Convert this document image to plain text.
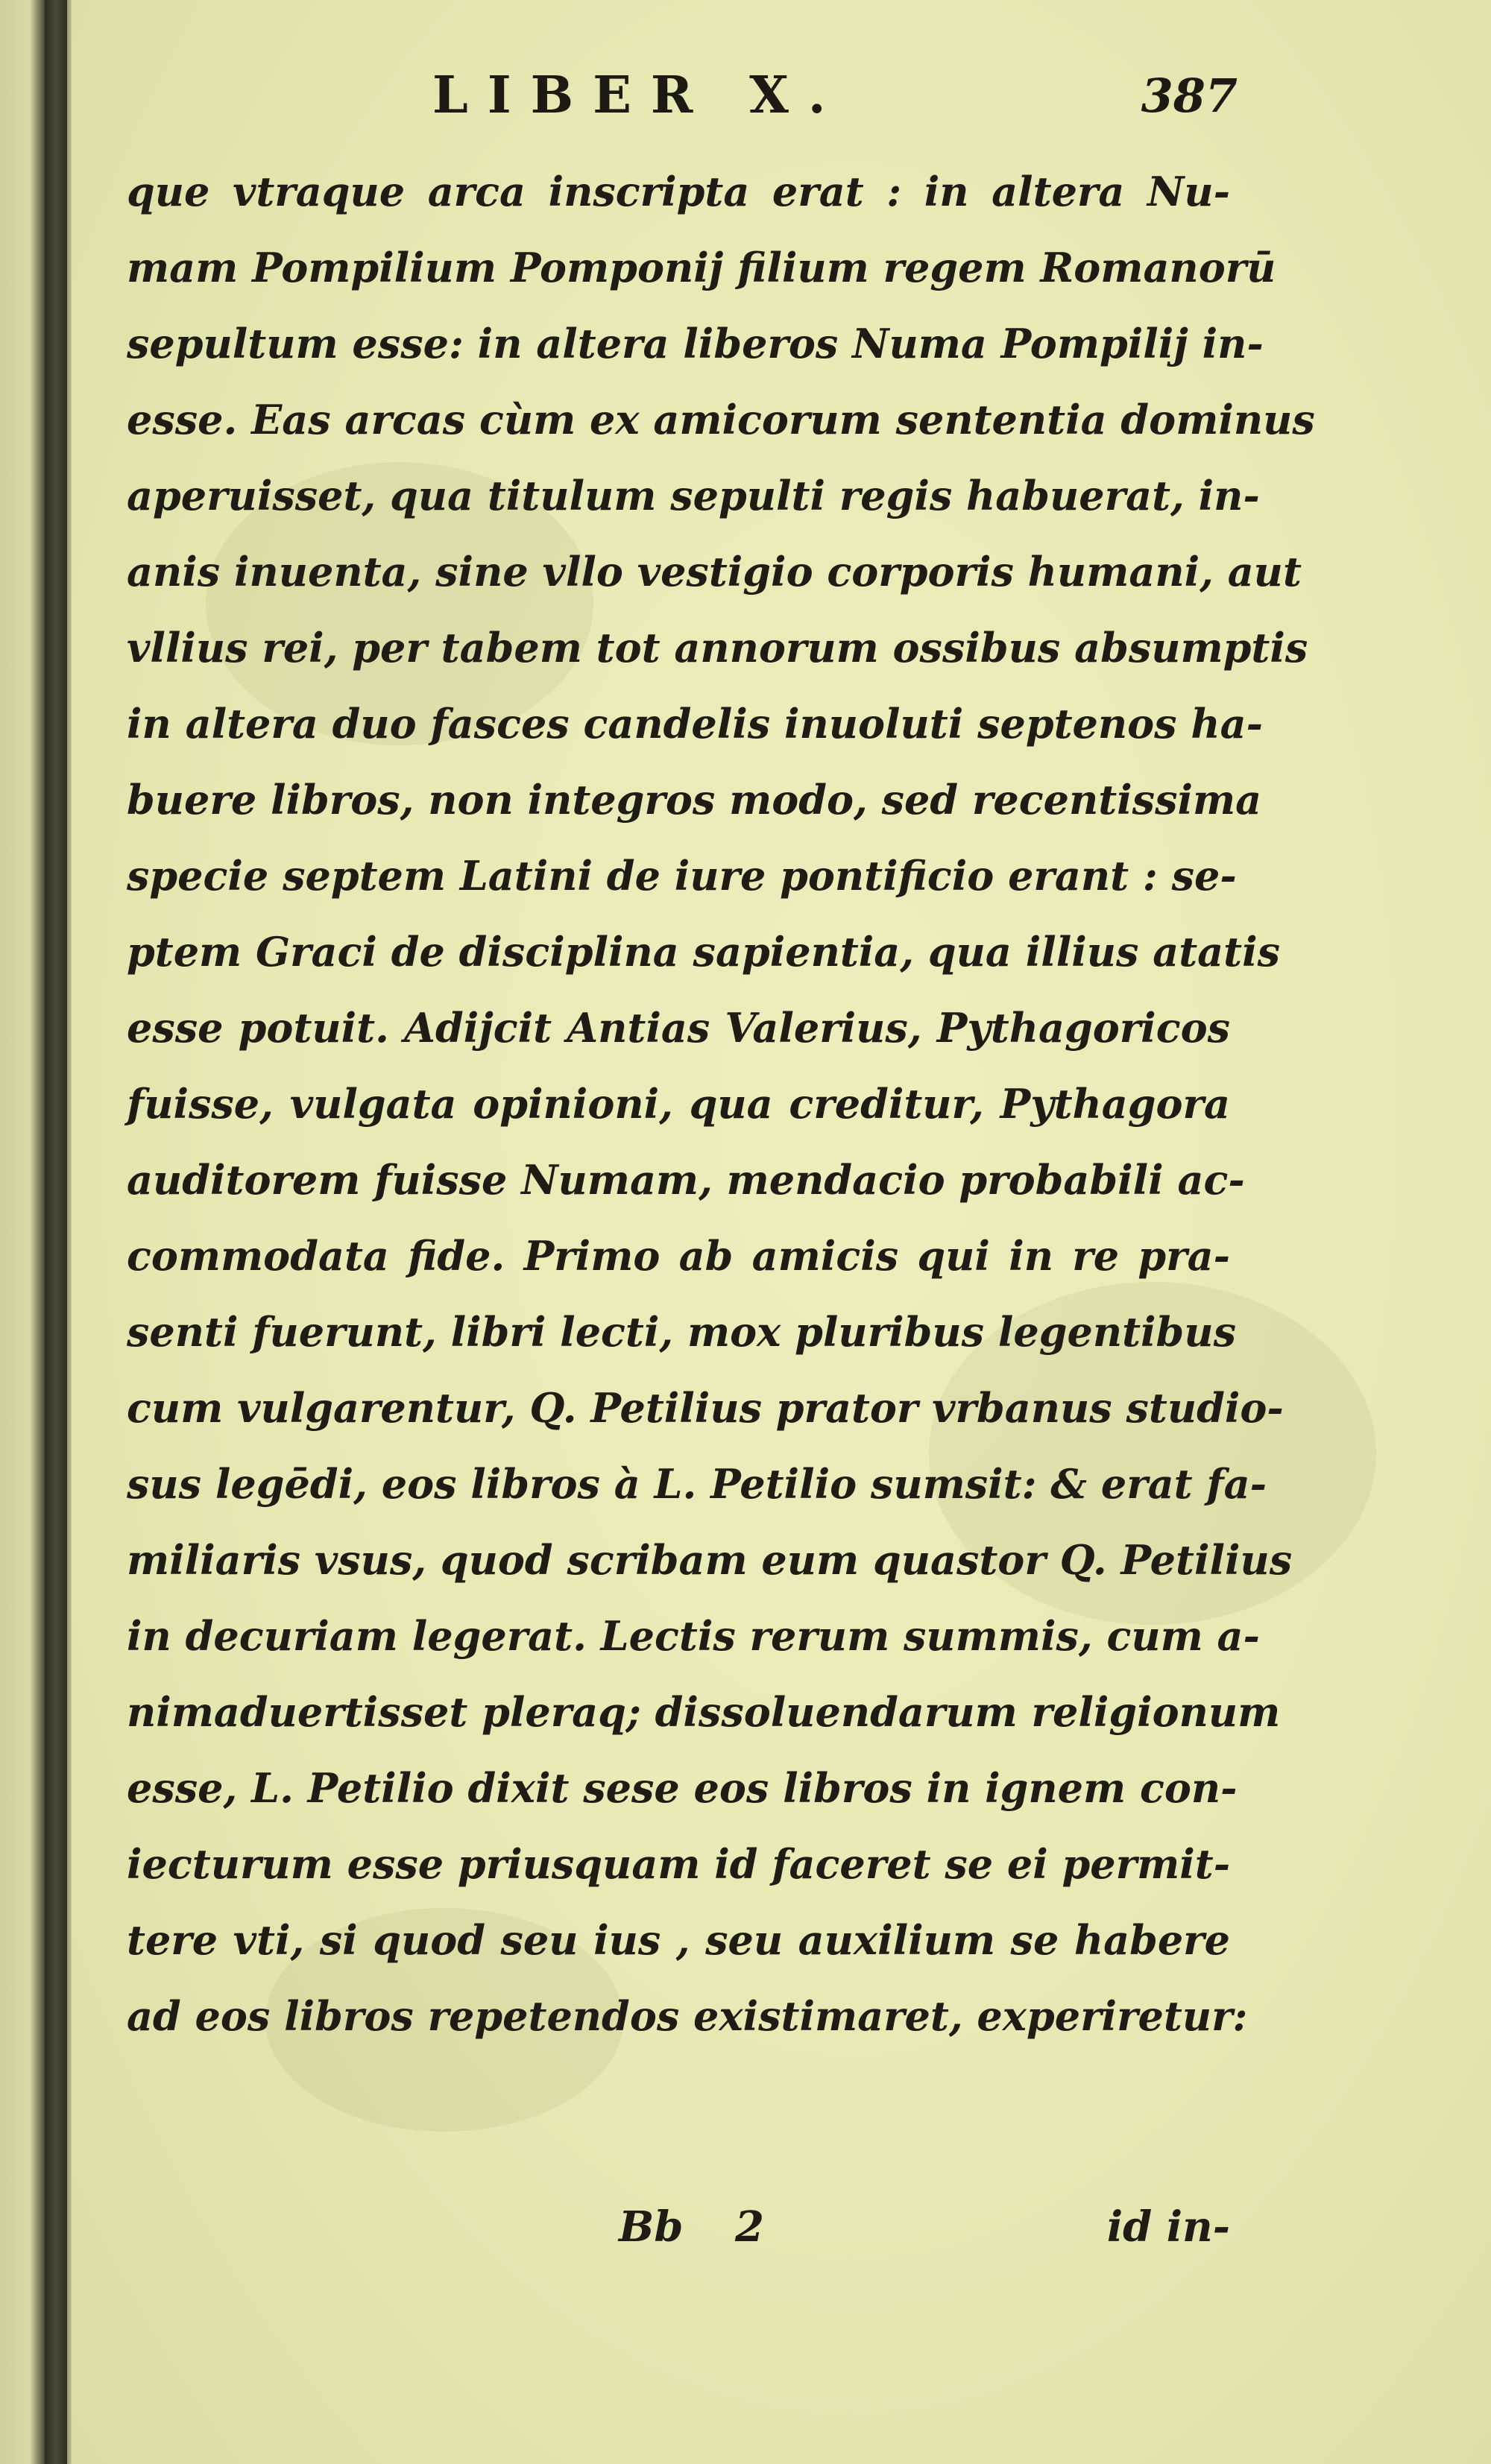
LIBER X.	387
que vtraque arca inscripta erat : in altera Nu-
mam Pompilium Pomponij filium regem Romanorū
sepultum esse: in altera liberos Numa Pompilij in-
esse. Eas arcas cùm ex amicorum sententia dominus
aperuisset, qua titulum sepulti regis habuerat, in-
anis inuenta, sine vllo vestigio corporis humani, aut
vllius rei, per tabem tot annorum ossibus absumptis
in altera duo fasces candelis inuoluti septenos ha-
buere libros, non integros modo, sed recentissima
specie septem Latini de iure pontificio erant : se-
ptem Graci de disciplina sapientia, qua illius atatis
esse potuit. Adijcit Antias Valerius, Pythagoricos
fuisse, vulgata opinioni, qua creditur, Pythagora
auditorem fuisse Numam, mendacio probabili ac-
commodata fide. Primo ab amicis qui in re pra-
senti fuerunt, libri lecti, mox pluribus legentibus
cum vulgarentur, Q. Petilius prator vrbanus studio-
sus legēdi, eos libros à L. Petilio sumsit: & erat fa-
miliaris vsus, quod scribam eum quastor Q. Petilius
in decuriam legerat. Lectis rerum summis, cum a-
nimaduertisset pleraq; dissoluendarum religionum
esse, L. Petilio dixit sese eos libros in ignem con-
iecturum esse priusquam id faceret se ei permit-
tere vti, si quod seu ius , seu auxilium se habere
ad eos libros repetendos existimaret, experiretur:
Bb 2	id in-
